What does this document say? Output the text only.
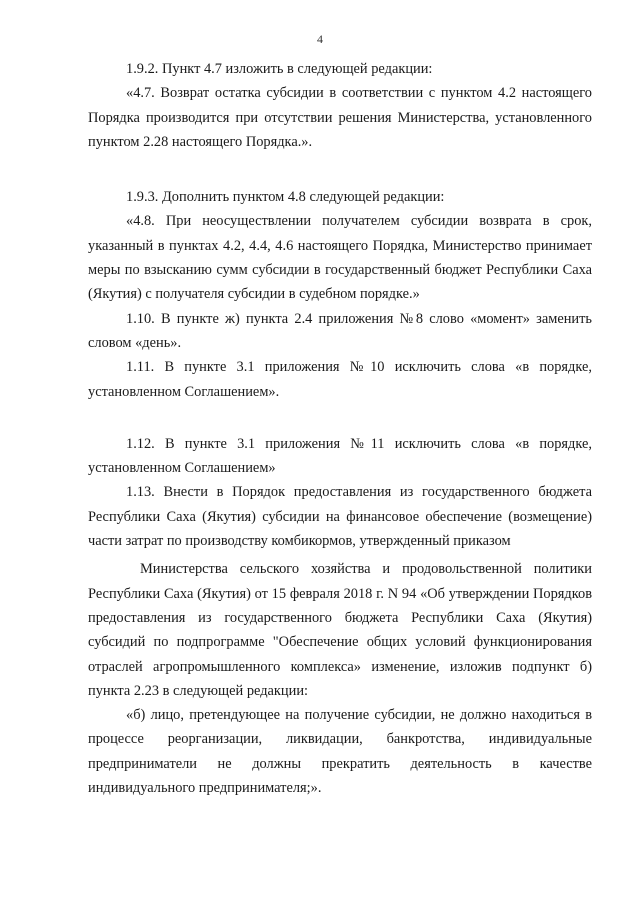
4

1.9.2. Пункт 4.7 изложить в следующей редакции:

«4.7. Возврат остатка субсидии в соответствии с пунктом 4.2 настоящего Порядка производится при отсутствии решения Министерства, установленного пунктом 2.28 настоящего Порядка.».

1.9.3. Дополнить пунктом 4.8 следующей редакции:

«4.8. При неосуществлении получателем субсидии возврата в срок, указанный в пунктах 4.2, 4.4, 4.6 настоящего Порядка, Министерство принимает меры по взысканию сумм субсидии в государственный бюджет Республики Саха (Якутия) с получателя субсидии в судебном порядке.»

1.10. В пункте ж) пункта 2.4 приложения №8 слово «момент» заменить словом «день».

1.11. В пункте 3.1 приложения №10 исключить слова «в порядке, установленном Соглашением».

1.12. В пункте 3.1 приложения №11 исключить слова «в порядке, установленном Соглашением»

1.13. Внести в Порядок предоставления из государственного бюджета Республики Саха (Якутия) субсидии на финансовое обеспечение (возмещение) части затрат по производству комбикормов, утвержденный приказом

Министерства сельского хозяйства и продовольственной политики Республики Саха (Якутия) от 15 февраля 2018 г. N 94 «Об утверждении Порядков предоставления из государственного бюджета Республики Саха (Якутия) субсидий по подпрограмме "Обеспечение общих условий функционирования отраслей агропромышленного комплекса» изменение, изложив подпункт б) пункта 2.23 в следующей редакции:

«б) лицо, претендующее на получение субсидии, не должно находиться в процессе реорганизации, ликвидации, банкротства, индивидуальные предприниматели не должны прекратить деятельность в качестве индивидуального предпринимателя;».
